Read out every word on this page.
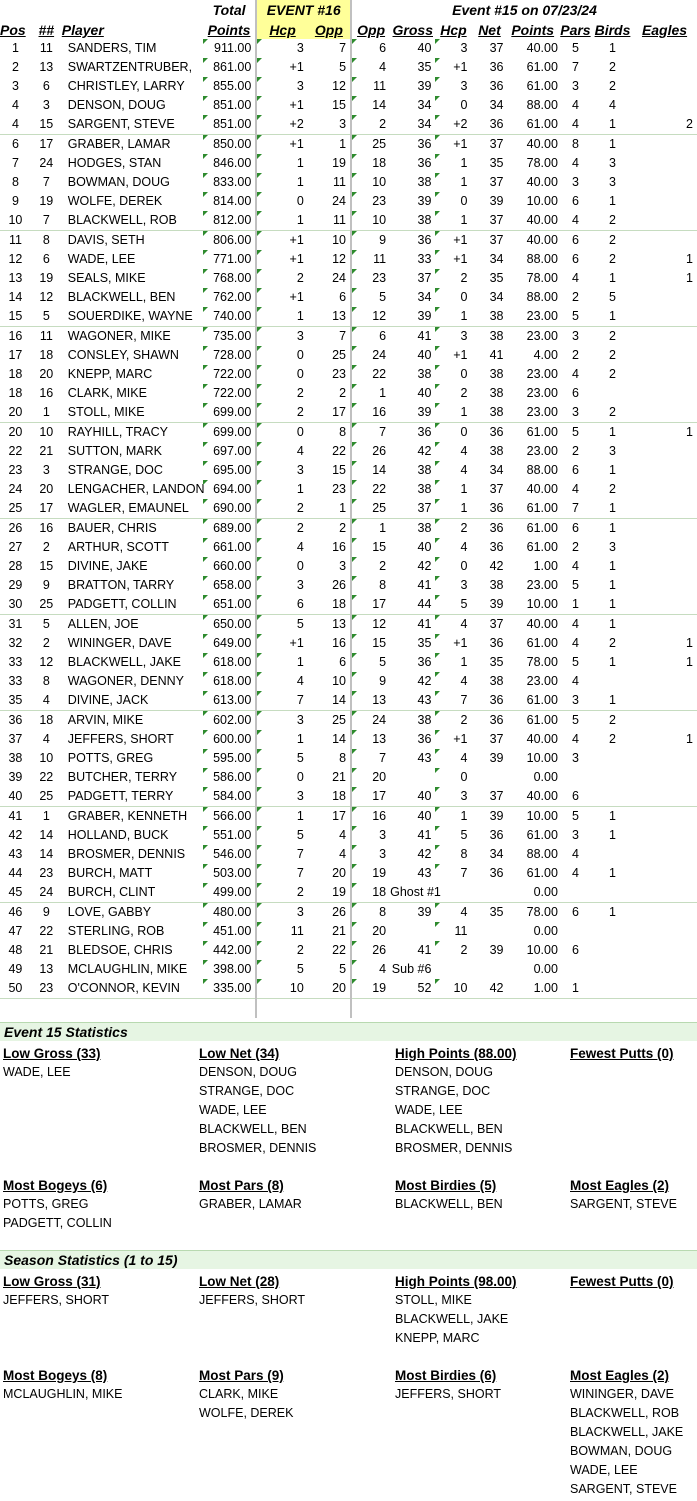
			Total	EVENT #16		Event #15 on 07/23/24							
Pos	##	Player	Points	Hcp	Opp	Opp	Gross	Hcp	Net	Points	Pars	Birds	Eagles
1	11	SANDERS, TIM	911.00	3	7	6	40	3	37	40.00	5	1	
2	13	SWARTZENTRUBER,	861.00	+1	5	4	35	+1	36	61.00	7	2	
3	6	CHRISTLEY, LARRY	855.00	3	12	11	39	3	36	61.00	3	2	
4	3	DENSON, DOUG	851.00	+1	15	14	34	0	34	88.00	4	4	
4	15	SARGENT, STEVE	851.00	+2	3	2	34	+2	36	61.00	4	1	2
6	17	GRABER, LAMAR	850.00	+1	1	25	36	+1	37	40.00	8	1	
7	24	HODGES, STAN	846.00	1	19	18	36	1	35	78.00	4	3	
8	7	BOWMAN, DOUG	833.00	1	11	10	38	1	37	40.00	3	3	
9	19	WOLFE, DEREK	814.00	0	24	23	39	0	39	10.00	6	1	
10	7	BLACKWELL, ROB	812.00	1	11	10	38	1	37	40.00	4	2	
11	8	DAVIS, SETH	806.00	+1	10	9	36	+1	37	40.00	6	2	
12	6	WADE, LEE	771.00	+1	12	11	33	+1	34	88.00	6	2	1
13	19	SEALS, MIKE	768.00	2	24	23	37	2	35	78.00	4	1	1
14	12	BLACKWELL, BEN	762.00	+1	6	5	34	0	34	88.00	2	5	
15	5	SOUERDIKE, WAYNE	740.00	1	13	12	39	1	38	23.00	5	1	
16	11	WAGONER, MIKE	735.00	3	7	6	41	3	38	23.00	3	2	
17	18	CONSLEY, SHAWN	728.00	0	25	24	40	+1	41	4.00	2	2	
18	20	KNEPP, MARC	722.00	0	23	22	38	0	38	23.00	4	2	
18	16	CLARK, MIKE	722.00	2	2	1	40	2	38	23.00	6		
20	1	STOLL, MIKE	699.00	2	17	16	39	1	38	23.00	3	2	
20	10	RAYHILL, TRACY	699.00	0	8	7	36	0	36	61.00	5	1	1
22	21	SUTTON, MARK	697.00	4	22	26	42	4	38	23.00	2	3	
23	3	STRANGE, DOC	695.00	3	15	14	38	4	34	88.00	6	1	
24	20	LENGACHER, LANDON	694.00	1	23	22	38	1	37	40.00	4	2	
25	17	WAGLER, EMAUNEL	690.00	2	1	25	37	1	36	61.00	7	1	
26	16	BAUER, CHRIS	689.00	2	2	1	38	2	36	61.00	6	1	
27	2	ARTHUR, SCOTT	661.00	4	16	15	40	4	36	61.00	2	3	
28	15	DIVINE, JAKE	660.00	0	3	2	42	0	42	1.00	4	1	
29	9	BRATTON, TARRY	658.00	3	26	8	41	3	38	23.00	5	1	
30	25	PADGETT, COLLIN	651.00	6	18	17	44	5	39	10.00	1	1	
31	5	ALLEN, JOE	650.00	5	13	12	41	4	37	40.00	4	1	
32	2	WININGER, DAVE	649.00	+1	16	15	35	+1	36	61.00	4	2	1
33	12	BLACKWELL, JAKE	618.00	1	6	5	36	1	35	78.00	5	1	1
33	8	WAGONER, DENNY	618.00	4	10	9	42	4	38	23.00	4		
35	4	DIVINE, JACK	613.00	7	14	13	43	7	36	61.00	3	1	
36	18	ARVIN, MIKE	602.00	3	25	24	38	2	36	61.00	5	2	
37	4	JEFFERS, SHORT	600.00	1	14	13	36	+1	37	40.00	4	2	1
38	10	POTTS, GREG	595.00	5	8	7	43	4	39	10.00	3		
39	22	BUTCHER, TERRY	586.00	0	21	20		0		0.00			
40	25	PADGETT, TERRY	584.00	3	18	17	40	3	37	40.00	6		
41	1	GRABER, KENNETH	566.00	1	17	16	40	1	39	10.00	5	1	
42	14	HOLLAND, BUCK	551.00	5	4	3	41	5	36	61.00	3	1	
43	14	BROSMER, DENNIS	546.00	7	4	3	42	8	34	88.00	4		
44	23	BURCH, MATT	503.00	7	20	19	43	7	36	61.00	4	1	
45	24	BURCH, CLINT	499.00	2	19	18	Ghost #1			0.00			
46	9	LOVE, GABBY	480.00	3	26	8	39	4	35	78.00	6	1	
47	22	STERLING, ROB	451.00	11	21	20		11		0.00			
48	21	BLEDSOE, CHRIS	442.00	2	22	26	41	2	39	10.00	6		
49	13	MCLAUGHLIN, MIKE	398.00	5	5	4	Sub #6			0.00			
50	23	O'CONNOR, KEVIN	335.00	10	20	19	52	10	42	1.00	1		

Event 15 Statistics
Low Gross (33)
WADE, LEE
Low Net (34)
DENSON, DOUG
STRANGE, DOC
WADE, LEE
BLACKWELL, BEN
BROSMER, DENNIS
High Points (88.00)
DENSON, DOUG
STRANGE, DOC
WADE, LEE
BLACKWELL, BEN
BROSMER, DENNIS
Fewest Putts (0)
Most Bogeys (6)
POTTS, GREG
PADGETT, COLLIN
Most Pars (8)
GRABER, LAMAR
Most Birdies (5)
BLACKWELL, BEN
Most Eagles (2)
SARGENT, STEVE
Season Statistics (1 to 15)
Low Gross (31)
JEFFERS, SHORT
Low Net (28)
JEFFERS, SHORT
High Points (98.00)
STOLL, MIKE
BLACKWELL, JAKE
KNEPP, MARC
Fewest Putts (0)
Most Bogeys (8)
MCLAUGHLIN, MIKE
Most Pars (9)
CLARK, MIKE
WOLFE, DEREK
Most Birdies (6)
JEFFERS, SHORT
Most Eagles (2)
WININGER, DAVE
BLACKWELL, ROB
BLACKWELL, JAKE
BOWMAN, DOUG
WADE, LEE
SARGENT, STEVE
